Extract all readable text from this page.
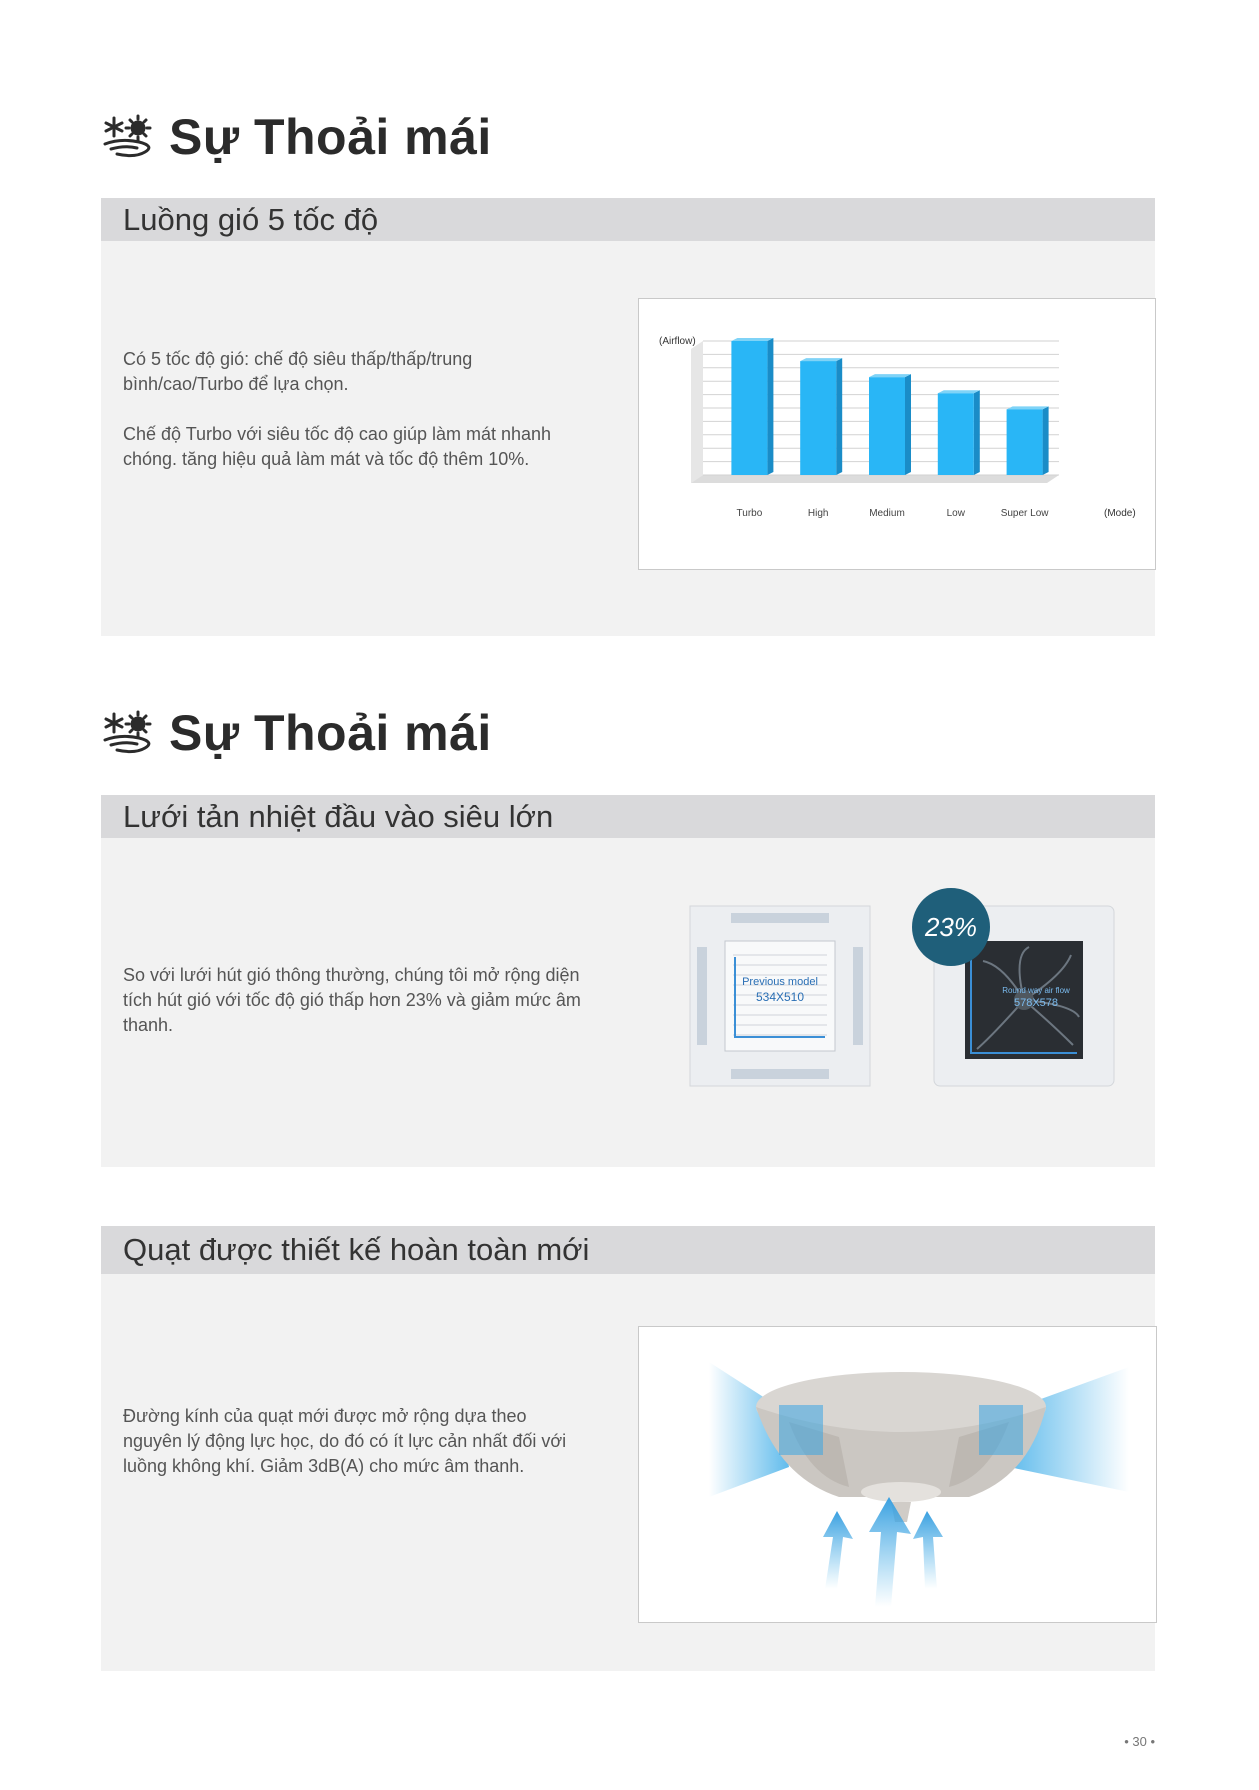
Sự Thoải mái
Luồng gió 5 tốc độ

Có 5 tốc độ gió: chế độ siêu thấp/thấp/trung bình/cao/Turbo để lựa chọn.

Chế độ Turbo với siêu tốc độ cao giúp làm mát nhanh chóng. tăng hiệu quả làm mát và tốc độ thêm 10%.

Turbo	High	Medium	Low	Super Low
(Airflow)
(Mode)
Sự Thoải mái
Lưới tản nhiệt đầu vào siêu lớn

So với lưới hút gió thông thường, chúng tôi mở rộng diện tích hút gió với tốc độ gió thấp hơn 23% và giảm mức âm thanh.

Previous model
534X510	Round way air flow
578X578
23%
Quạt được thiết kế hoàn toàn mới

Đường kính của quạt mới được mở rộng dựa theo nguyên lý động lực học, do đó có ít lực cản nhất đối với luồng không khí. Giảm 3dB(A) cho mức âm thanh.

• 30 •
